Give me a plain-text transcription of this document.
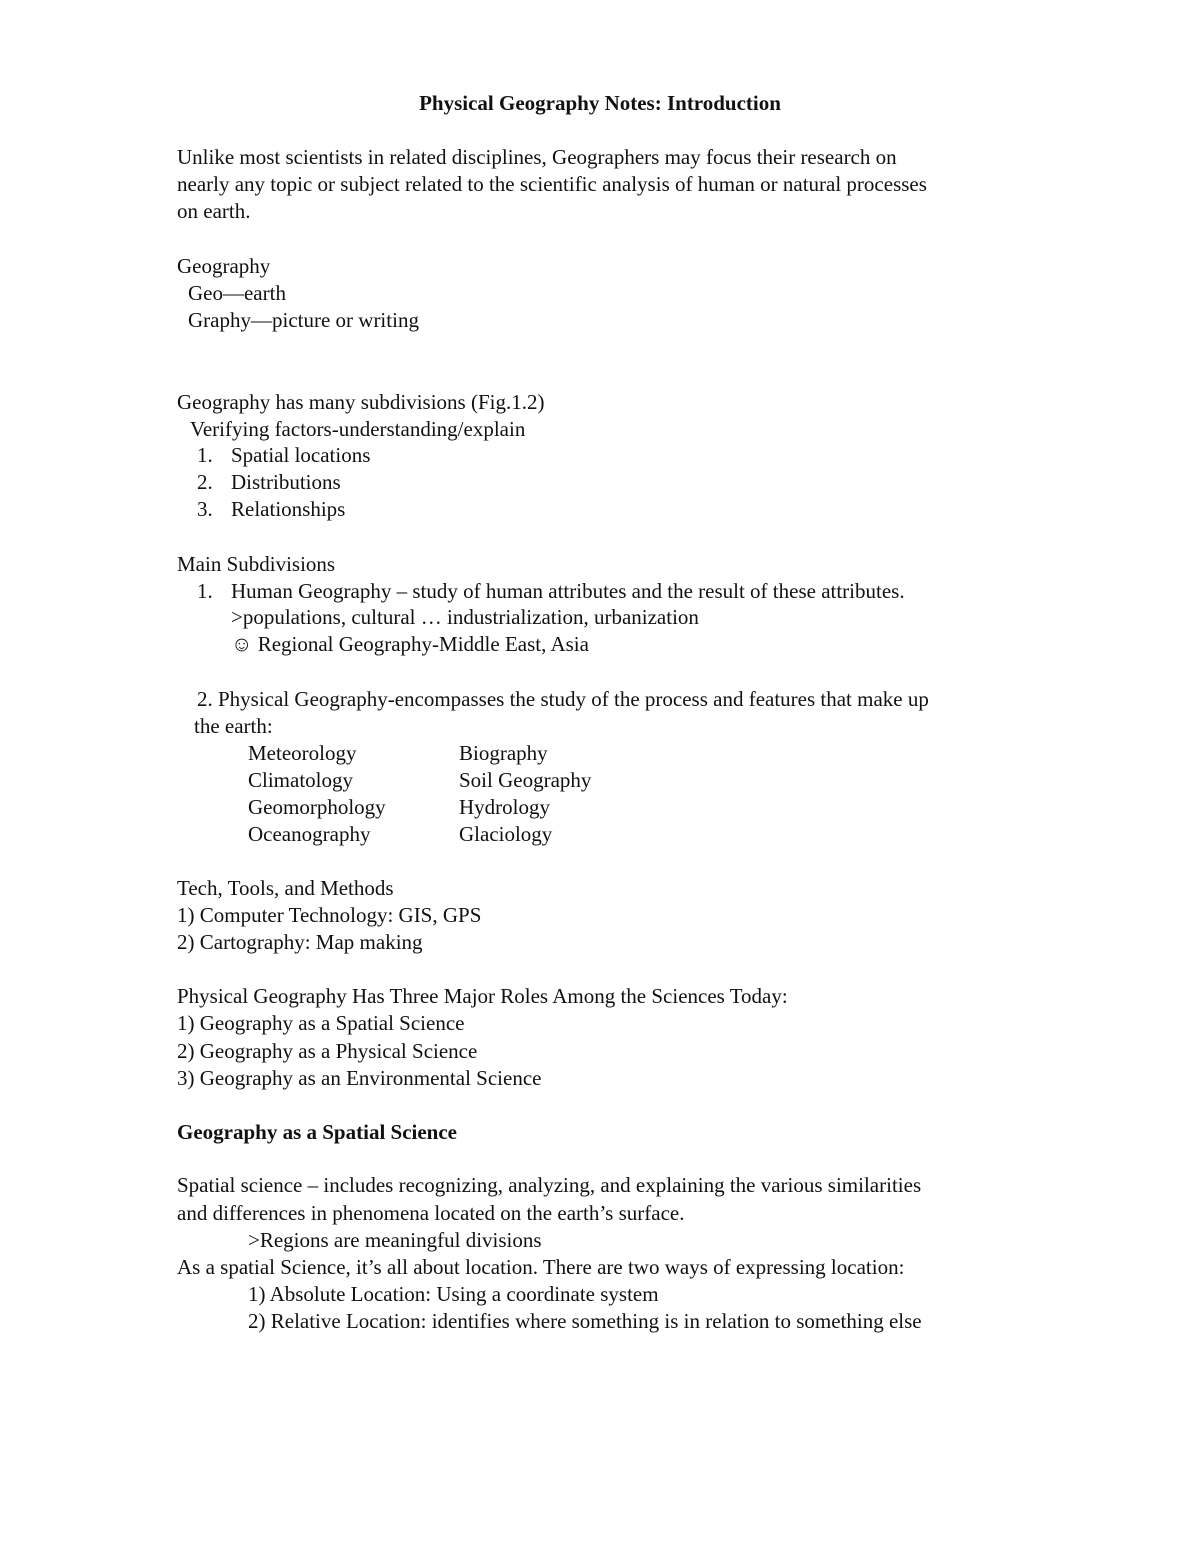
Physical Geography Notes: Introduction
Unlike most scientists in related disciplines, Geographers may focus their research on
nearly any topic or subject related to the scientific analysis of human or natural processes
on earth.
Geography
Geo—earth
Graphy—picture or writing
Geography has many subdivisions (Fig.1.2)
Verifying factors-understanding/explain
1. Spatial locations
2. Distributions
3. Relationships
Main Subdivisions
1. Human Geography – study of human attributes and the result of these attributes.
>populations, cultural … industrialization, urbanization
☺ Regional Geography-Middle East, Asia
2. Physical Geography-encompasses the study of the process and features that make up
the earth:
Meteorology	Biography
Climatology	Soil Geography
Geomorphology	Hydrology
Oceanography	Glaciology
Tech, Tools, and Methods
1) Computer Technology: GIS, GPS
2) Cartography: Map making
Physical Geography Has Three Major Roles Among the Sciences Today:
1) Geography as a Spatial Science
2) Geography as a Physical Science
3) Geography as an Environmental Science
Geography as a Spatial Science
Spatial science – includes recognizing, analyzing, and explaining the various similarities
and differences in phenomena located on the earth’s surface.
>Regions are meaningful divisions
As a spatial Science, it’s all about location. There are two ways of expressing location:
1) Absolute Location: Using a coordinate system
2) Relative Location: identifies where something is in relation to something else
